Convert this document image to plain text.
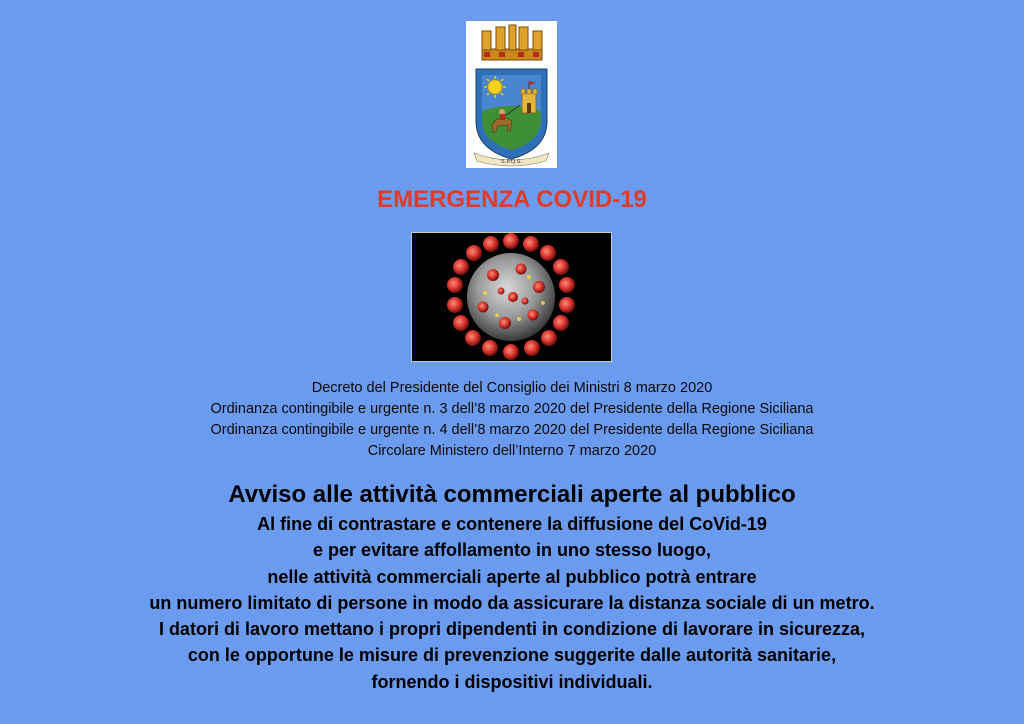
S.P.Q.S.
EMERGENZA COVID-19
Decreto del Presidente del Consiglio dei Ministri 8 marzo 2020
Ordinanza contingibile e urgente n. 3 dell’8 marzo 2020 del Presidente della Regione Siciliana
Ordinanza contingibile e urgente n. 4 dell’8 marzo 2020 del Presidente della Regione Siciliana
Circolare Ministero dell’Interno 7 marzo 2020
Avviso alle attività commerciali aperte al pubblico
Al fine di contrastare e contenere la diffusione del CoVid-19
e per evitare affollamento in uno stesso luogo,
nelle attività commerciali aperte al pubblico potrà entrare
un numero limitato di persone in modo da assicurare la distanza sociale di un metro.
I datori di lavoro mettano i propri dipendenti in condizione di lavorare in sicurezza,
con le opportune le misure di prevenzione suggerite dalle autorità sanitarie,
fornendo i dispositivi individuali.
